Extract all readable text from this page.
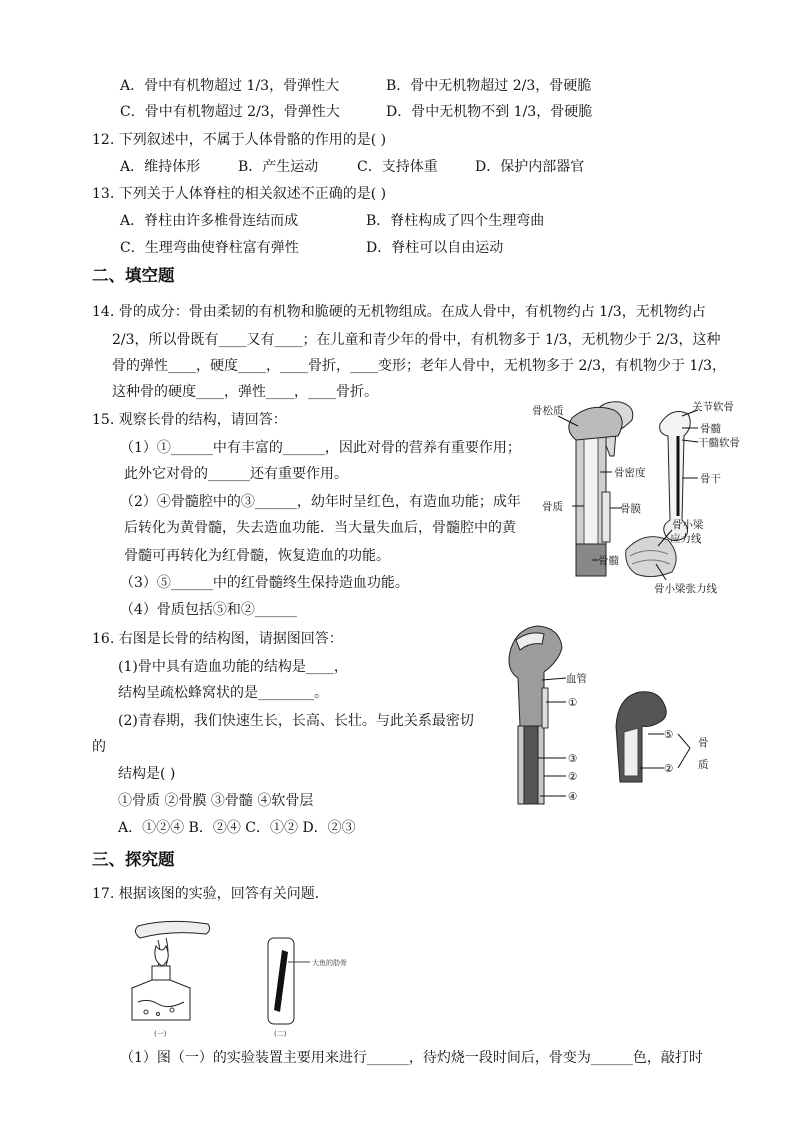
A．骨中有机物超过 1/3，骨弹性大	B．骨中无机物超过 2/3，骨硬脆
C．骨中有机物超过 2/3，骨弹性大	D．骨中无机物不到 1/3，骨硬脆
12. 下列叙述中，不属于人体骨骼的作用的是( )
A．维持体形	B．产生运动	C．支持体重	D．保护内部器官
13. 下列关于人体脊柱的相关叙述不正确的是( )
A．脊柱由许多椎骨连结而成	B．脊柱构成了四个生理弯曲
C．生理弯曲使脊柱富有弹性	D．脊柱可以自由运动
二、填空题
14. 骨的成分：骨由柔韧的有机物和脆硬的无机物组成。在成人骨中，有机物约占 1/3，无机物约占
2/3，所以骨既有____又有____；在儿童和青少年的骨中，有机物多于 1/3，无机物少于 2/3，这种
骨的弹性____，硬度____，____骨折，____变形；老年人骨中，无机物多于 2/3，有机物少于 1/3，
这种骨的硬度____，弹性____，____骨折。
15. 观察长骨的结构，请回答：
（1）①______中有丰富的______，因此对骨的营养有重要作用；
此外它对骨的______还有重要作用。
（2）④骨髓腔中的③______，幼年时呈红色，有造血功能；成年
后转化为黄骨髓，失去造血功能．当大量失血后，骨髓腔中的黄
骨髓可再转化为红骨髓，恢复造血的功能。
（3）⑤______中的红骨髓终生保持造血功能。
（4）骨质包括⑤和②______
骨松质
骨密度
骨质	骨膜
骨髓
关节软骨
骨髓
干髓软骨
骨干
骨小梁
应力线
骨小梁张力线
16. 右图是长骨的结构图，请据图回答：
(1)骨中具有造血功能的结构是____，
结构呈疏松蜂窝状的是________。
(2)青春期，我们快速生长，长高、长壮。与此关系最密切
的
结构是( )
①骨质 ②骨膜 ③骨髓 ④软骨层
A．①②④ B．②④ C．①② D．②③
血管
①
③
②
④
⑤
②
骨
质
三、探究题
17. 根据该图的实验，回答有关问题．
(一)
大鱼的肋骨
(二)
（1）图（一）的实验装置主要用来进行______，待灼烧一段时间后，骨变为______色，敲打时
